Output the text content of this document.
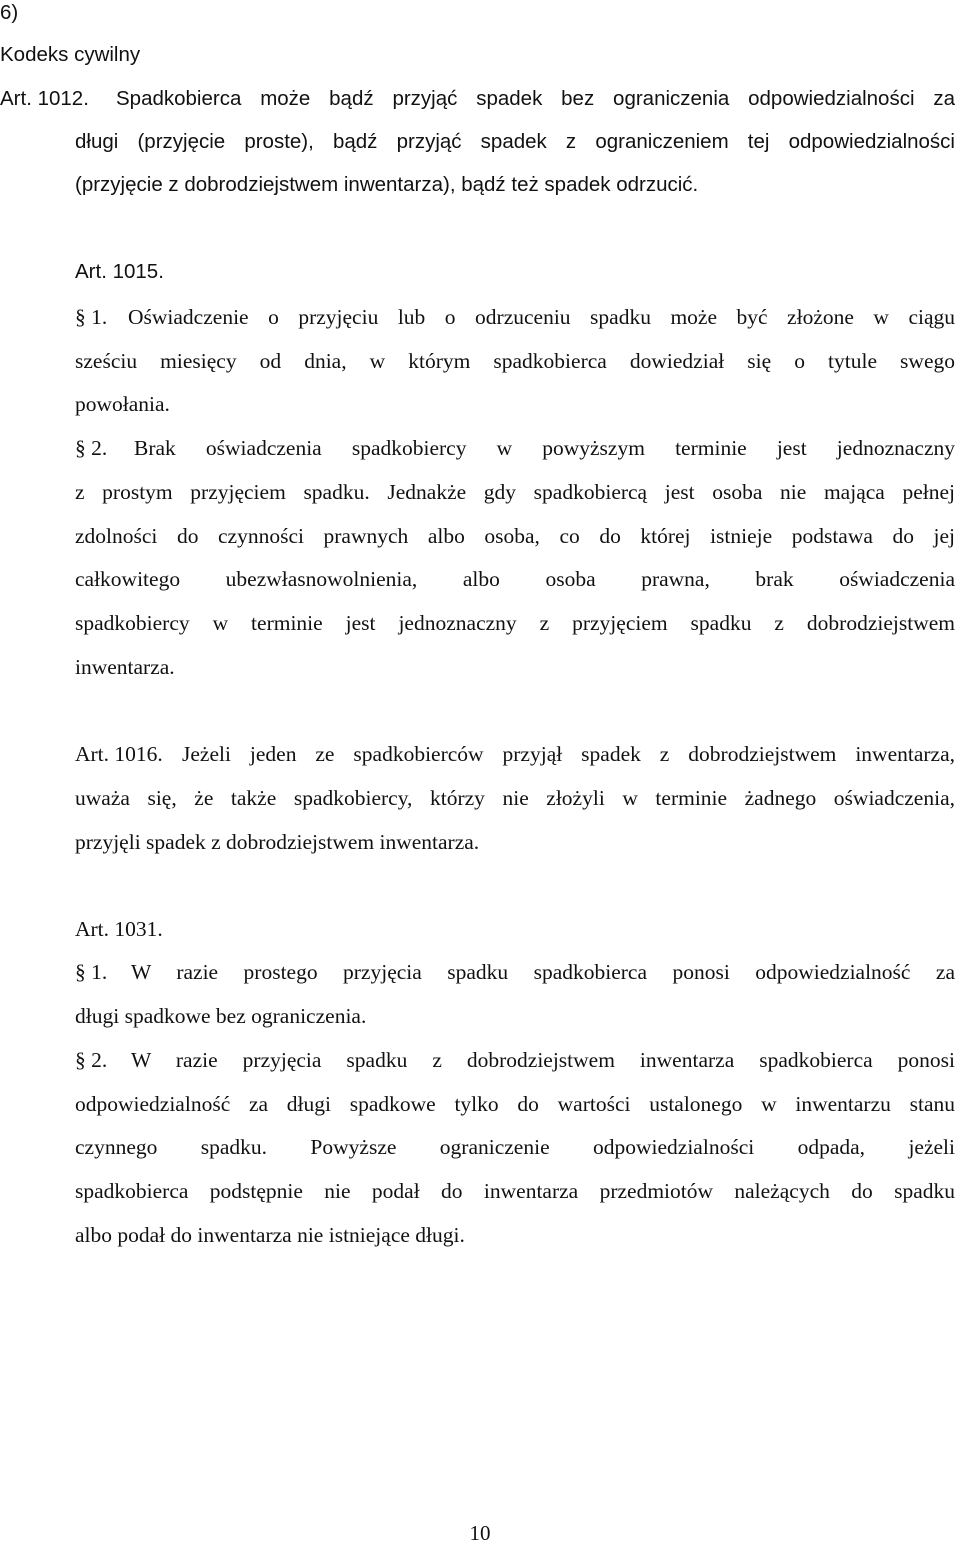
6)
Kodeks cywilny
Art. 1012. Spadkobierca może bądź przyjąć spadek bez ograniczenia odpowiedzialności za
długi (przyjęcie proste), bądź przyjąć spadek z ograniczeniem tej odpowiedzialności
(przyjęcie z dobrodziejstwem inwentarza), bądź też spadek odrzucić.
Art. 1015.
§ 1. Oświadczenie o przyjęciu lub o odrzuceniu spadku może być złożone w ciągu
sześciu miesięcy od dnia, w którym spadkobierca dowiedział się o tytule swego
powołania.
§ 2. Brak oświadczenia spadkobiercy w powyższym terminie jest jednoznaczny
z prostym przyjęciem spadku. Jednakże gdy spadkobiercą jest osoba nie mająca pełnej
zdolności do czynności prawnych albo osoba, co do której istnieje podstawa do jej
całkowitego ubezwłasnowolnienia, albo osoba prawna, brak oświadczenia
spadkobiercy w terminie jest jednoznaczny z przyjęciem spadku z dobrodziejstwem
inwentarza.
Art. 1016. Jeżeli jeden ze spadkobierców przyjął spadek z dobrodziejstwem inwentarza,
uważa się, że także spadkobiercy, którzy nie złożyli w terminie żadnego oświadczenia,
przyjęli spadek z dobrodziejstwem inwentarza.
Art. 1031.
§ 1. W razie prostego przyjęcia spadku spadkobierca ponosi odpowiedzialność za
długi spadkowe bez ograniczenia.
§ 2. W razie przyjęcia spadku z dobrodziejstwem inwentarza spadkobierca ponosi
odpowiedzialność za długi spadkowe tylko do wartości ustalonego w inwentarzu stanu
czynnego spadku. Powyższe ograniczenie odpowiedzialności odpada, jeżeli
spadkobierca podstępnie nie podał do inwentarza przedmiotów należących do spadku
albo podał do inwentarza nie istniejące długi.
10
